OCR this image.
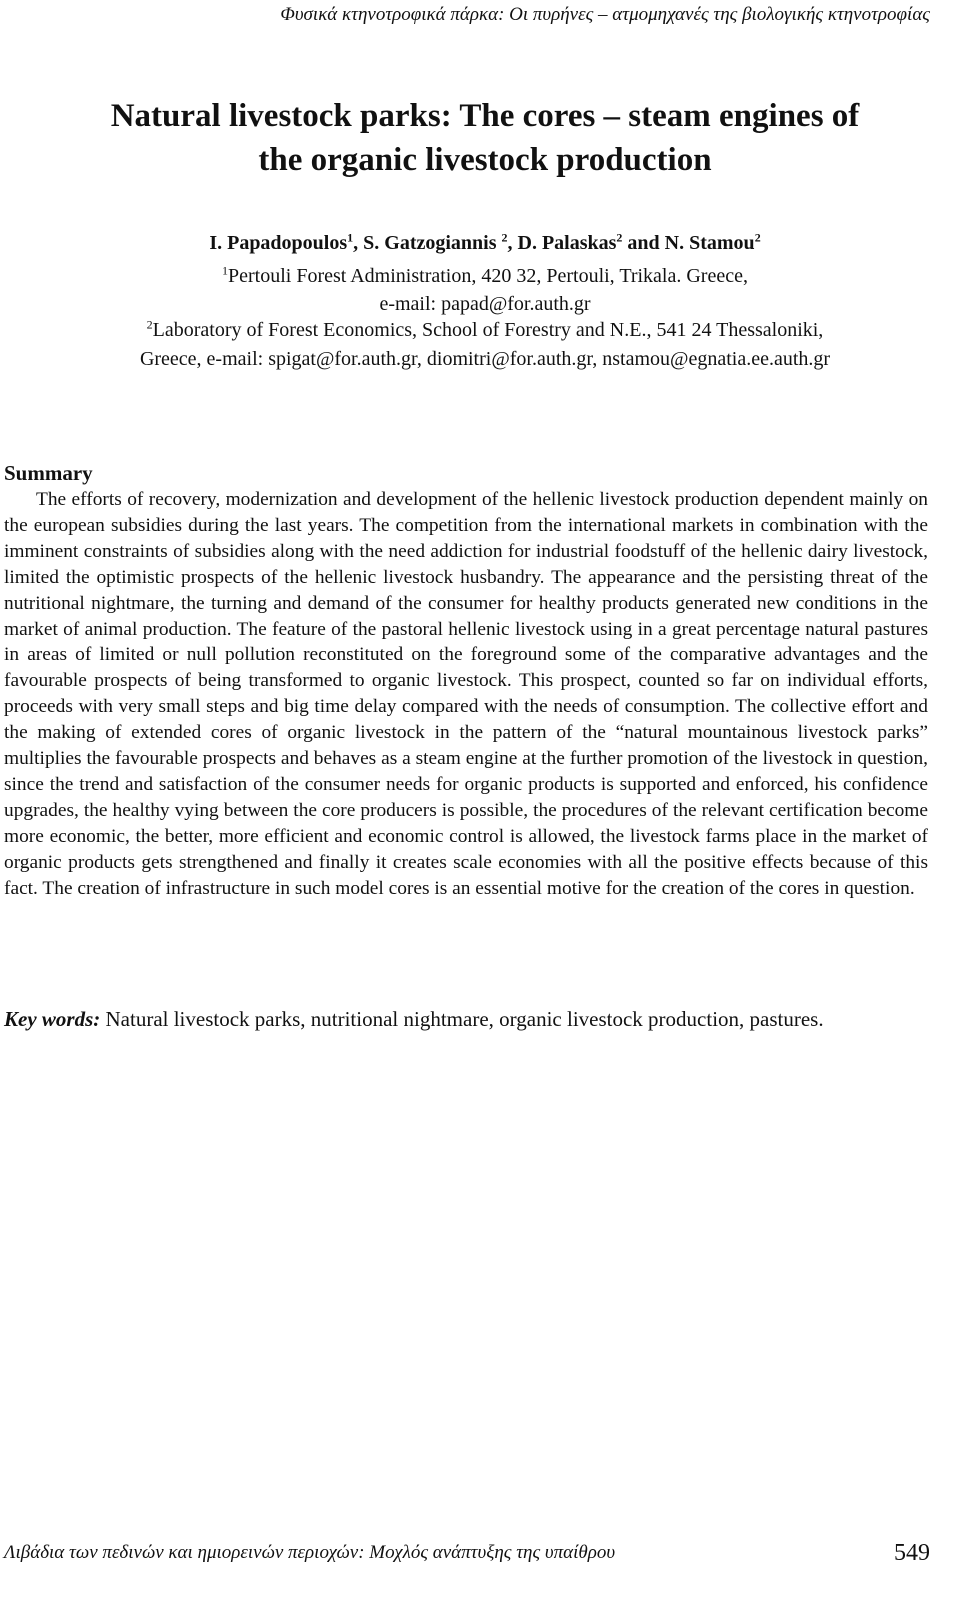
Φυσικά κτηνοτροφικά πάρκα: Οι πυρήνες – ατμομηχανές της βιολογικής κτηνοτροφίας
Natural livestock parks: The cores – steam engines of
the organic livestock production
I. Papadopoulos$^1$, S. Gatzogiannis $^2$, D. Palaskas$^2$ and N. Stamou$^2$
$^1$Pertouli Forest Administration, 420 32, Pertouli, Trikala. Greece,
e-mail: papad@for.auth.gr
$^2$Laboratory of Forest Economics, School of Forestry and N.E., 541 24 Thessaloniki,
Greece, e-mail: spigat@for.auth.gr, diomitri@for.auth.gr, nstamou@egnatia.ee.auth.gr
Summary
The efforts of recovery, modernization and development of the hellenic livestock production dependent mainly on the european subsidies during the last years. The competition from the international markets in combination with the imminent constraints of subsidies along with the need addiction for industrial foodstuff of the hellenic dairy livestock, limited the optimistic prospects of the hellenic livestock husbandry. The appearance and the persisting threat of the nutritional nightmare, the turning and demand of the consumer for healthy products generated new conditions in the market of animal production. The feature of the pastoral hellenic livestock using in a great percentage natural pastures in areas of limited or null pollution reconstituted on the foreground some of the comparative advantages and the favourable prospects of being transformed to organic livestock. This prospect, counted so far on individual efforts, proceeds with very small steps and big time delay compared with the needs of consumption. The collective effort and the making of extended cores of organic livestock in the pattern of the “natural mountainous livestock parks” multiplies the favourable prospects and behaves as a steam engine at the further promotion of the livestock in question, since the trend and satisfaction of the consumer needs for organic products is supported and enforced, his confidence upgrades, the healthy vying between the core producers is possible, the procedures of the relevant certification become more economic, the better, more efficient and economic control is allowed, the livestock farms place in the market of organic products gets strengthened and finally it creates scale economies with all the positive effects because of this fact. The creation of infrastructure in such model cores is an essential motive for the creation of the cores in question.
Key words: Natural livestock parks, nutritional nightmare, organic livestock production, pastures.
Λιβάδια των πεδινών και ημιορεινών περιοχών: Μοχλός ανάπτυξης της υπαίθρου	549
